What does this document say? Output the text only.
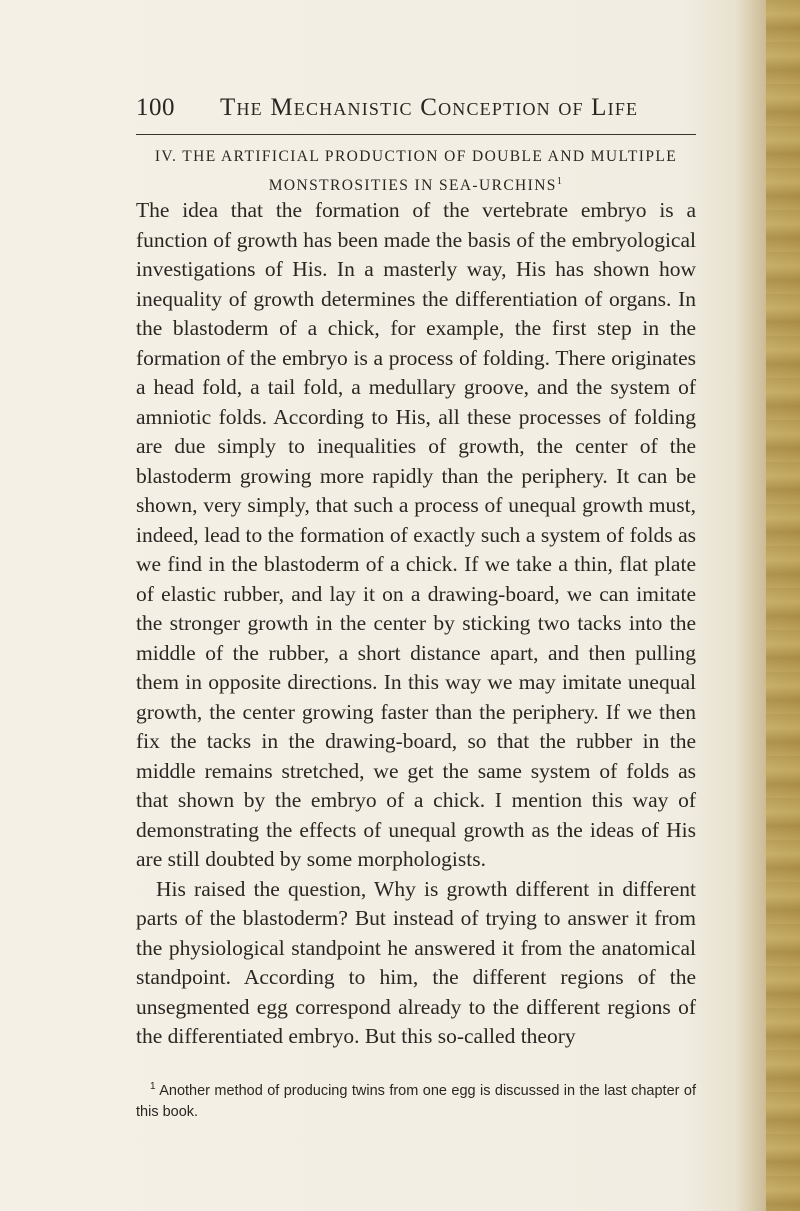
100 The Mechanistic Conception of Life
IV. THE ARTIFICIAL PRODUCTION OF DOUBLE AND MULTIPLE
MONSTROSITIES IN SEA-URCHINS$^1$

The idea that the formation of the vertebrate embryo is a function of growth has been made the basis of the embryological investigations of His. In a masterly way, His has shown how inequality of growth determines the differentiation of organs. In the blastoderm of a chick, for example, the first step in the formation of the embryo is a process of folding. There originates a head fold, a tail fold, a medullary groove, and the system of amniotic folds. According to His, all these processes of folding are due simply to inequalities of growth, the center of the blastoderm growing more rapidly than the periphery. It can be shown, very simply, that such a process of unequal growth must, indeed, lead to the formation of exactly such a system of folds as we find in the blastoderm of a chick. If we take a thin, flat plate of elastic rubber, and lay it on a drawing-board, we can imitate the stronger growth in the center by sticking two tacks into the middle of the rubber, a short distance apart, and then pulling them in opposite directions. In this way we may imitate unequal growth, the center growing faster than the periphery. If we then fix the tacks in the drawing-board, so that the rubber in the middle remains stretched, we get the same system of folds as that shown by the embryo of a chick. I mention this way of demonstrating the effects of unequal growth as the ideas of His are still doubted by some morphologists.

His raised the question, Why is growth different in different parts of the blastoderm? But instead of trying to answer it from the physiological standpoint he answered it from the anatomical standpoint. According to him, the different regions of the unsegmented egg correspond already to the different regions of the differentiated embryo. But this so-called theory

$^1$ Another method of producing twins from one egg is discussed in the last chapter of this book.
